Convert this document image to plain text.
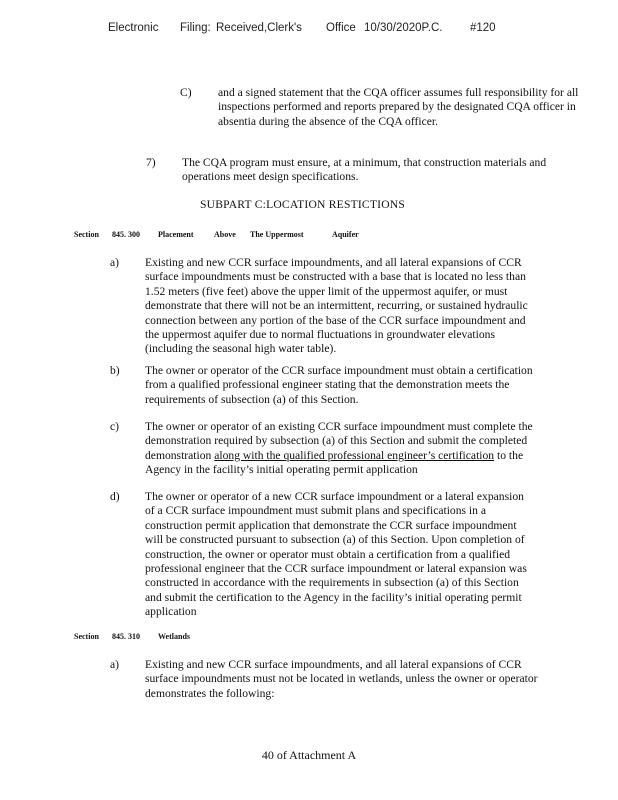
Electronic Filing: Received,Clerk's Office 10/30/2020P.C. #120
C) and a signed statement that the CQA officer assumes full responsibility for all inspections performed and reports prepared by the designated CQA officer in absentia during the absence of the CQA officer.
7) The CQA program must ensure, at a minimum, that construction materials and operations meet design specifications.
SUBPART C:LOCATION RESTICTIONS
Section 845. 300 Placement	Above The Uppermost	Aquifer
a) Existing and new CCR surface impoundments, and all lateral expansions of CCR
surface impoundments must be constructed with a base that is located no less than
1.52 meters (five feet) above the upper limit of the uppermost aquifer, or must
demonstrate that there will not be an intermittent, recurring, or sustained hydraulic
connection between any portion of the base of the CCR surface impoundment and
the uppermost aquifer due to normal fluctuations in groundwater elevations
(including the seasonal high water table).
b) The owner or operator of the CCR surface impoundment must obtain a certification
from a qualified professional engineer stating that the demonstration meets the
requirements of subsection (a) of this Section.
c) The owner or operator of an existing CCR surface impoundment must complete the
demonstration required by subsection (a) of this Section and submit the completed
demonstration along with the qualified professional engineer’s certification to the
Agency in the facility’s initial operating permit application
d) The owner or operator of a new CCR surface impoundment or a lateral expansion
of a CCR surface impoundment must submit plans and specifications in a
construction permit application that demonstrate the CCR surface impoundment
will be constructed pursuant to subsection (a) of this Section. Upon completion of
construction, the owner or operator must obtain a certification from a qualified
professional engineer that the CCR surface impoundment or lateral expansion was
constructed in accordance with the requirements in subsection (a) of this Section
and submit the certification to the Agency in the facility’s initial operating permit
application
Section 845. 310 Wetlands
a) Existing and new CCR surface impoundments, and all lateral expansions of CCR
surface impoundments must not be located in wetlands, unless the owner or operator
demonstrates the following:
40 of Attachment A
